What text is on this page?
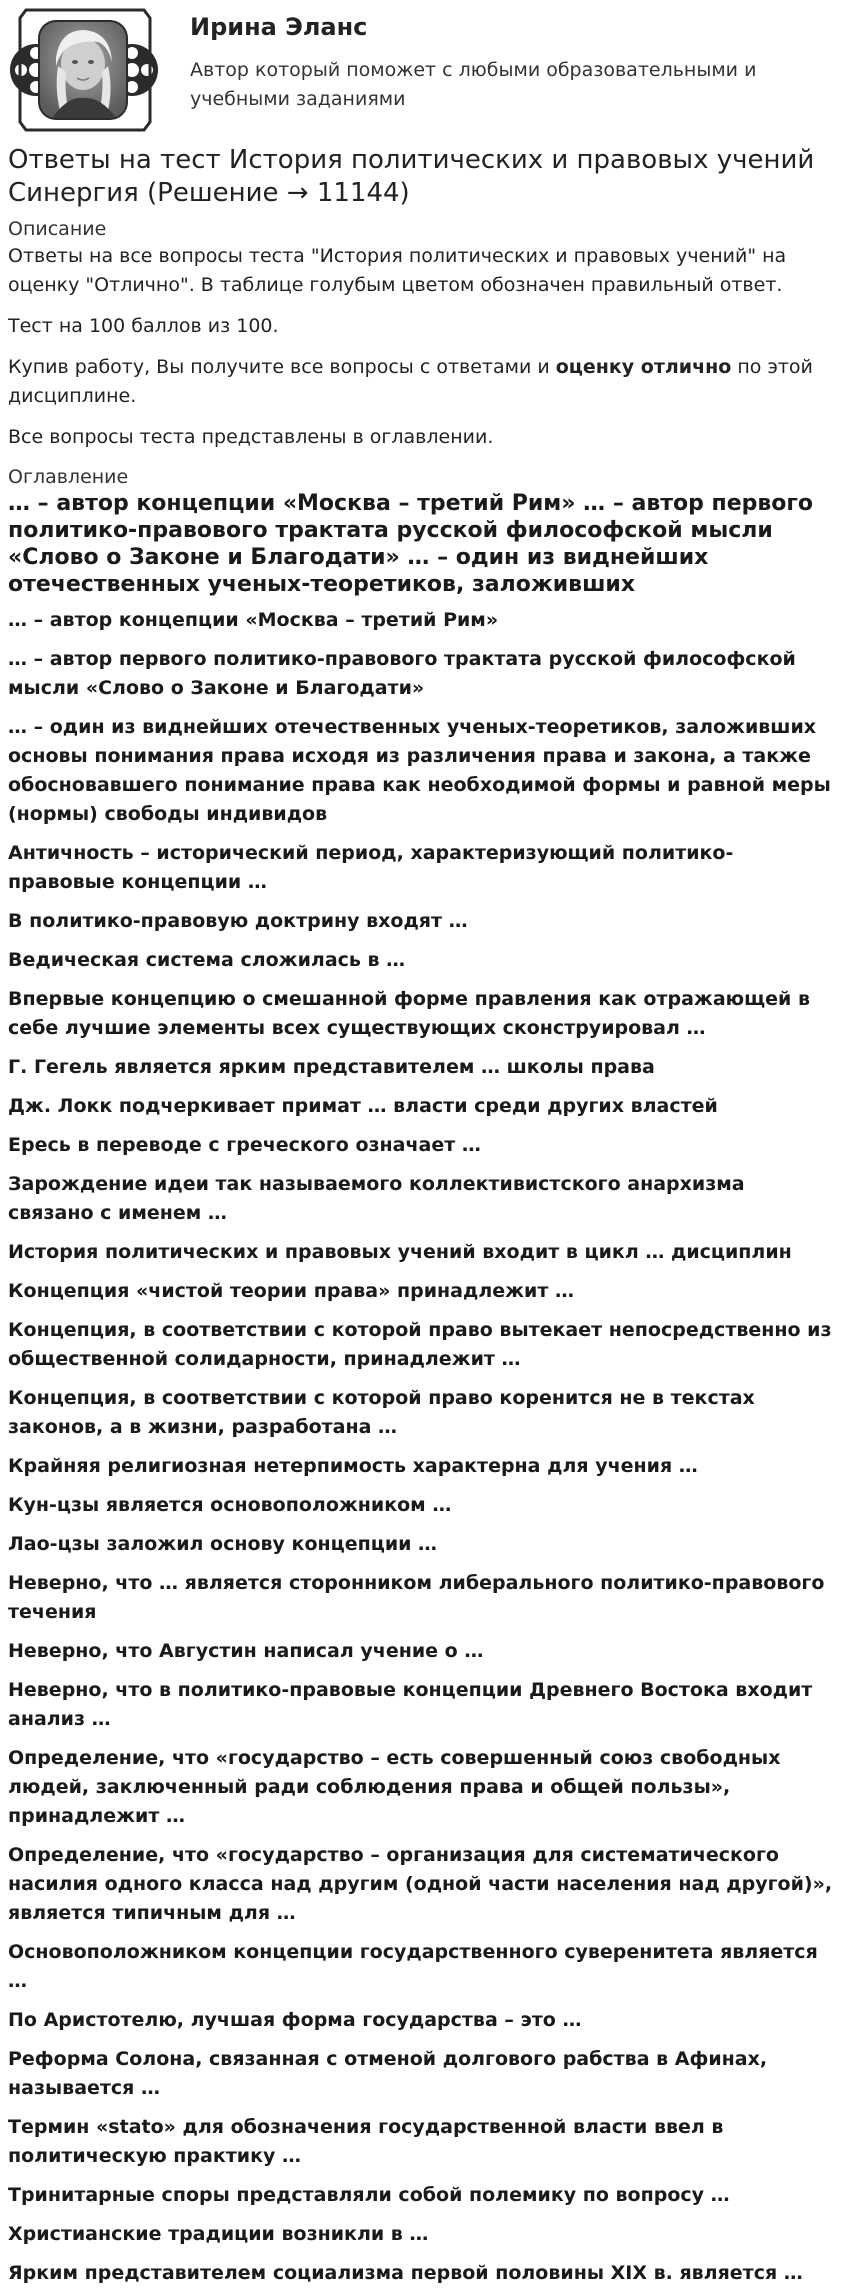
Ирина Эланс
Автор который поможет с любыми образовательными и учебными заданиями
Ответы на тест История политических и правовых учений Синергия (Решение → 11144)
Описание

Ответы на все вопросы теста "История политических и правовых учений" на оценку "Отлично". В таблице голубым цветом обозначен правильный ответ.

Тест на 100 баллов из 100.

Купив работу, Вы получите все вопросы с ответами и оценку отлично по этой дисциплине.

Все вопросы теста представлены в оглавлении.

Оглавление
… – автор концепции «Москва – третий Рим» … – автор первого политико-правового трактата русской философской мысли «Слово о Законе и Благодати» … – один из виднейших отечественных ученых-теоретиков, заложивших
… – автор концепции «Москва – третий Рим»
… – автор первого политико-правового трактата русской философской мысли «Слово о Законе и Благодати»
… – один из виднейших отечественных ученых-теоретиков, заложивших основы понимания права исходя из различения права и закона, а также обосновавшего понимание права как необходимой формы и равной меры (нормы) свободы индивидов
Античность – исторический период, характеризующий политико-правовые концепции …
В политико-правовую доктрину входят …
Ведическая система сложилась в …
Впервые концепцию о смешанной форме правления как отражающей в себе лучшие элементы всех существующих сконструировал …
Г. Гегель является ярким представителем … школы права
Дж. Локк подчеркивает примат … власти среди других властей
Ересь в переводе с греческого означает …
Зарождение идеи так называемого коллективистского анархизма связано с именем …
История политических и правовых учений входит в цикл … дисциплин
Концепция «чистой теории права» принадлежит …
Концепция, в соответствии с которой право вытекает непосредственно из общественной солидарности, принадлежит …
Концепция, в соответствии с которой право коренится не в текстах законов, а в жизни, разработана …
Крайняя религиозная нетерпимость характерна для учения …
Кун-цзы является основоположником …
Лао-цзы заложил основу концепции …
Неверно, что … является сторонником либерального политико-правового течения
Неверно, что Августин написал учение о …
Неверно, что в политико-правовые концепции Древнего Востока входит анализ …
Определение, что «государство – есть совершенный союз свободных людей, заключенный ради соблюдения права и общей пользы», принадлежит …
Определение, что «государство – организация для систематического насилия одного класса над другим (одной части населения над другой)», является типичным для …
Основоположником концепции государственного суверенитета является …
По Аристотелю, лучшая форма государства – это …
Реформа Солона, связанная с отменой долгового рабства в Афинах, называется …
Термин «stato» для обозначения государственной власти ввел в политическую практику …
Тринитарные споры представляли собой полемику по вопросу …
Христианские традиции возникли в …
Ярким представителем социализма первой половины XIX в. является …
